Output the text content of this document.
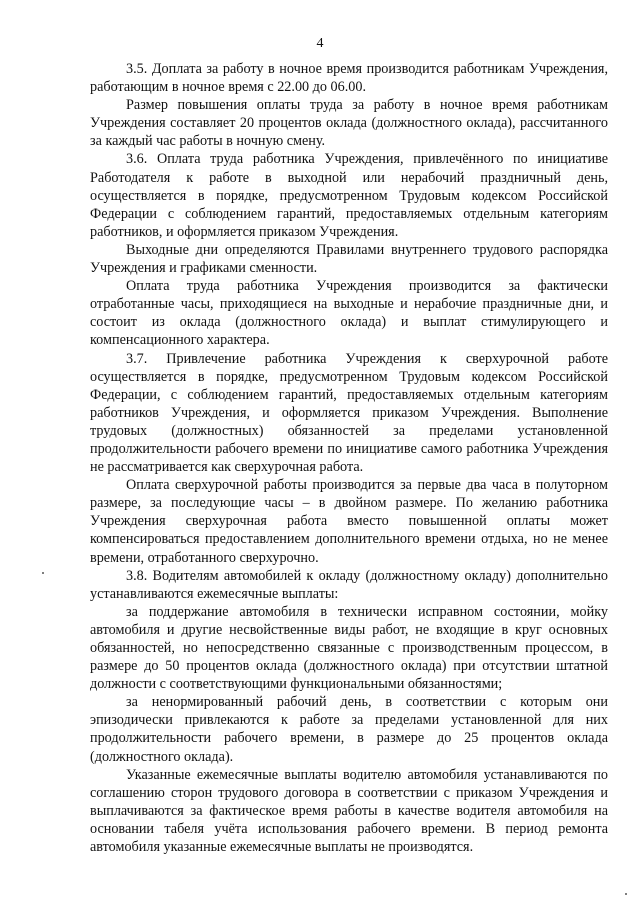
4

3.5. Доплата за работу в ночное время производится работникам Учреждения, работающим в ночное время с 22.00 до 06.00.

Размер повышения оплаты труда за работу в ночное время работникам Учреждения составляет 20 процентов оклада (должностного оклада), рассчитанного за каждый час работы в ночную смену.

3.6. Оплата труда работника Учреждения, привлечённого по инициативе Работодателя к работе в выходной или нерабочий праздничный день, осуществляется в порядке, предусмотренном Трудовым кодексом Российской Федерации с соблюдением гарантий, предоставляемых отдельным категориям работников, и оформляется приказом Учреждения.

Выходные дни определяются Правилами внутреннего трудового распорядка Учреждения и графиками сменности.

Оплата труда работника Учреждения производится за фактически отработанные часы, приходящиеся на выходные и нерабочие праздничные дни, и состоит из оклада (должностного оклада) и выплат стимулирующего и компенсационного характера.

3.7. Привлечение работника Учреждения к сверхурочной работе осуществляется в порядке, предусмотренном Трудовым кодексом Российской Федерации, с соблюдением гарантий, предоставляемых отдельным категориям работников Учреждения, и оформляется приказом Учреждения. Выполнение трудовых (должностных) обязанностей за пределами установленной продолжительности рабочего времени по инициативе самого работника Учреждения не рассматривается как сверхурочная работа.

Оплата сверхурочной работы производится за первые два часа в полуторном размере, за последующие часы – в двойном размере. По желанию работника Учреждения сверхурочная работа вместо повышенной оплаты может компенсироваться предоставлением дополнительного времени отдыха, но не менее времени, отработанного сверхурочно.

3.8. Водителям автомобилей к окладу (должностному окладу) дополнительно устанавливаются ежемесячные выплаты:

за поддержание автомобиля в технически исправном состоянии, мойку автомобиля и другие несвойственные виды работ, не входящие в круг основных обязанностей, но непосредственно связанные с производственным процессом, в размере до 50 процентов оклада (должностного оклада) при отсутствии штатной должности с соответствующими функциональными обязанностями;

за ненормированный рабочий день, в соответствии с которым они эпизодически привлекаются к работе за пределами установленной для них продолжительности рабочего времени, в размере до 25 процентов оклада (должностного оклада).

Указанные ежемесячные выплаты водителю автомобиля устанавливаются по соглашению сторон трудового договора в соответствии с приказом Учреждения и выплачиваются за фактическое время работы в качестве водителя автомобиля на основании табеля учёта использования рабочего времени. В период ремонта автомобиля указанные ежемесячные выплаты не производятся.
